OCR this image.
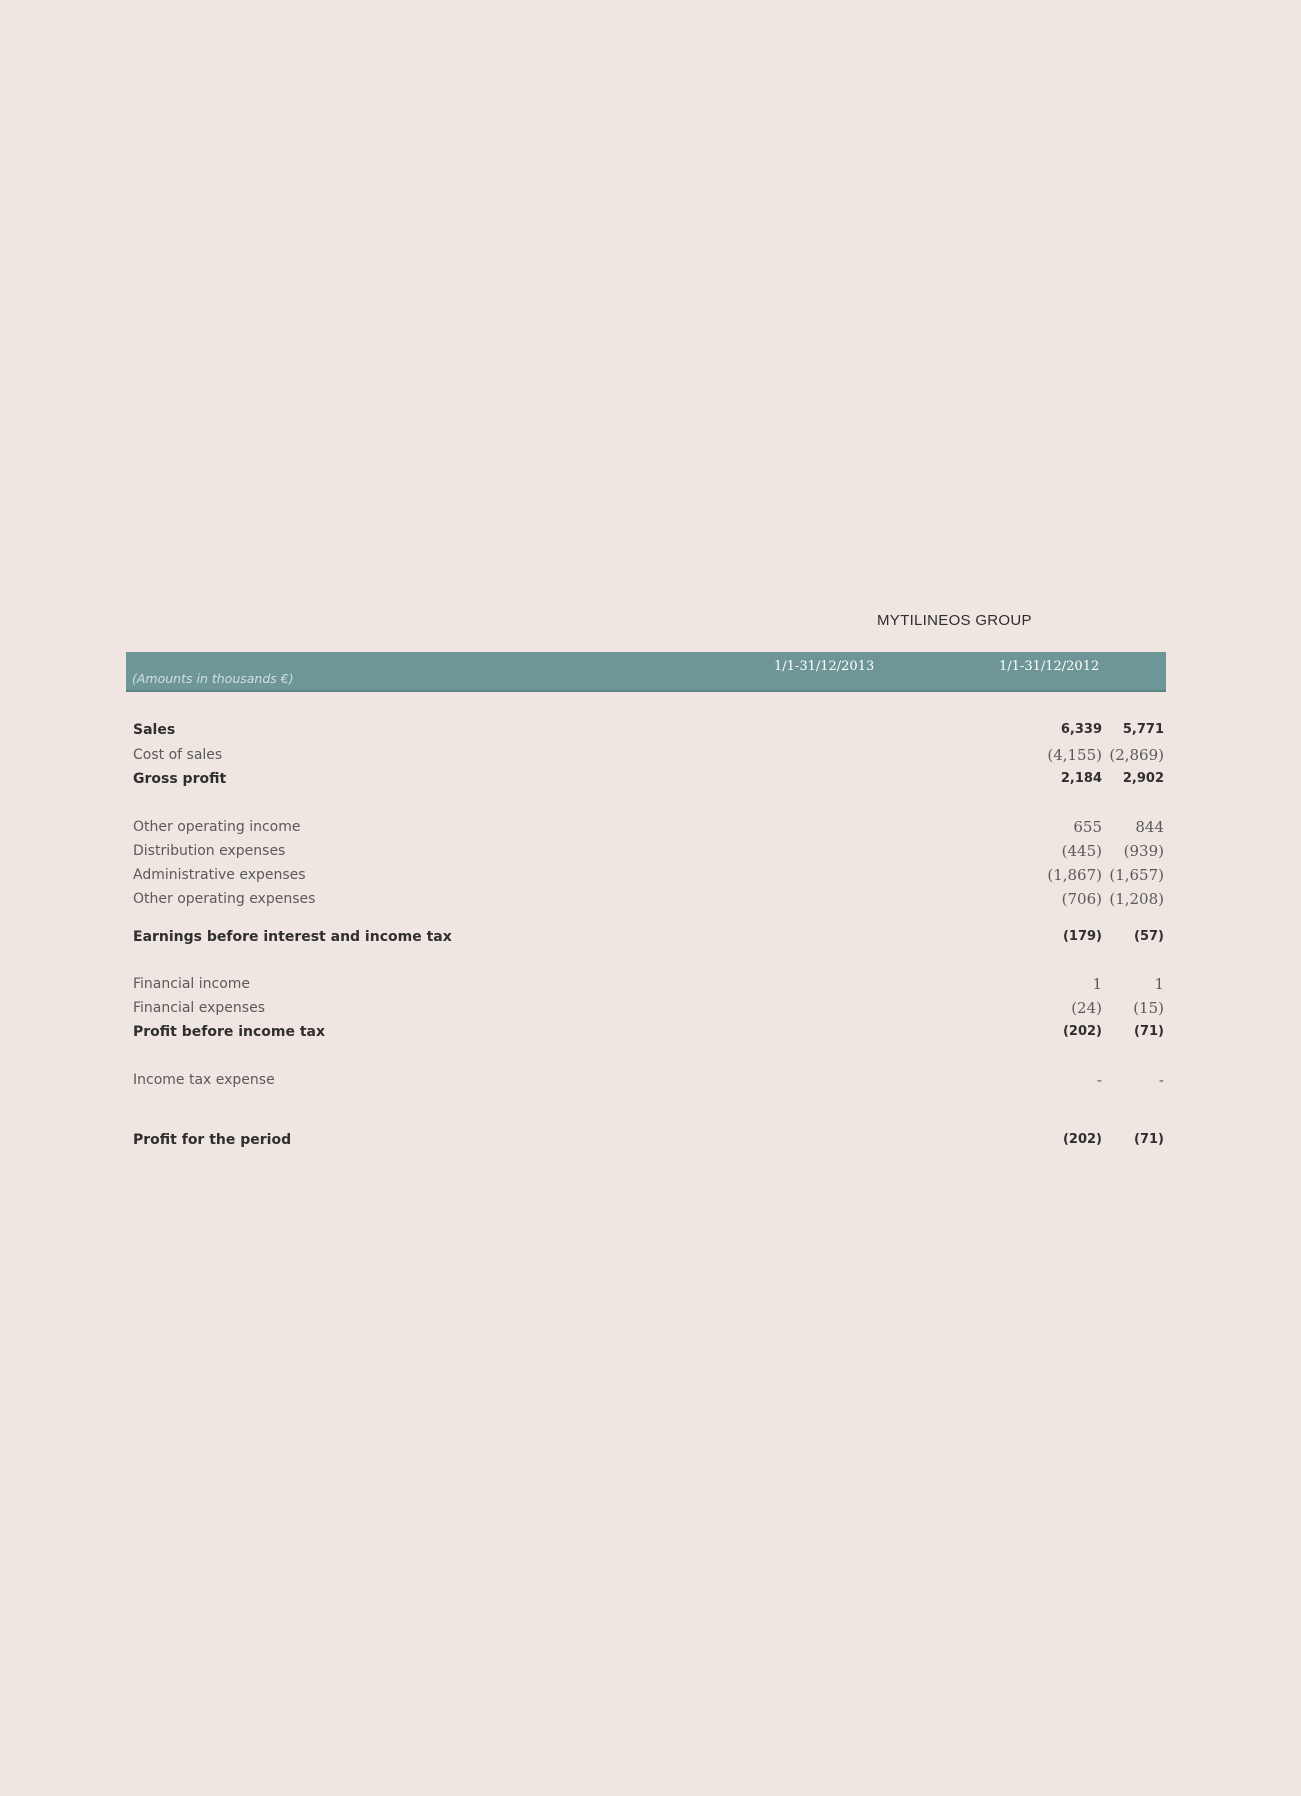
MYTILINEOS GROUP
(Amounts in thousands €)
1/1-31/12/2013	1/1-31/12/2012
Sales	6,339 5,771
Cost of sales	(4,155) (2,869)
Gross profit	2,184 2,902
Other operating income	655 844
Distribution expenses	(445) (939)
Administrative expenses	(1,867) (1,657)
Other operating expenses	(706) (1,208)
Earnings before interest and income tax	(179) (57)
Financial income	1	1
Financial expenses	(24) (15)
Profit before income tax	(202) (71)
Income tax expense	-	-
Profit for the period	(202) (71)
